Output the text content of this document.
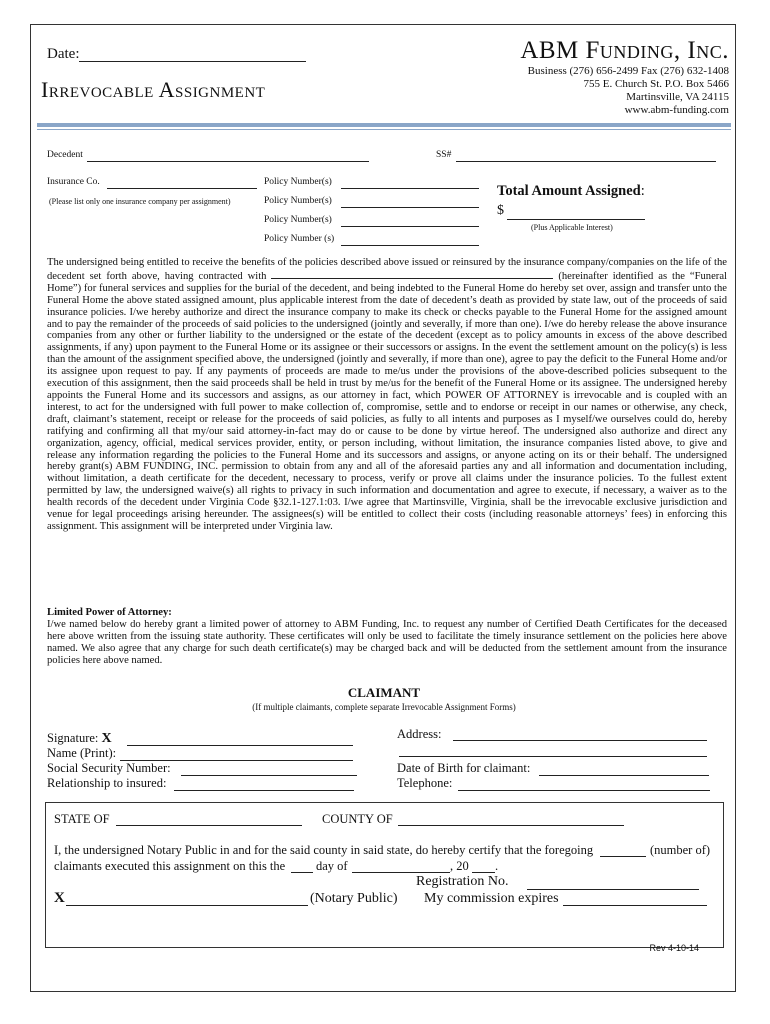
Date:
Irrevocable Assignment
ABM Funding, Inc.
Business (276) 656-2499 Fax (276) 632-1408
755 E. Church St. P.O. Box 5466
Martinsville, VA 24115
www.abm-funding.com
Decedent	SS#
Insurance Co.
(Please list only one insurance company per assignment)
Policy Number(s)
Policy Number(s)
Policy Number(s)
Policy Number (s)
Total Amount Assigned:
$
(Plus Applicable Interest)

The undersigned being entitled to receive the benefits of the policies described above issued or reinsured by the insurance company/companies on the life of the decedent set forth above, having contracted with	(hereinafter identified as the “Funeral Home”) for funeral services and supplies for the burial of the decedent, and being indebted to the Funeral Home do hereby set over, assign and transfer unto the Funeral Home the above stated assigned amount, plus applicable interest from the date of decedent’s death as provided by state law, out of the proceeds of said insurance policies. I/we hereby authorize and direct the insurance company to make its check or checks payable to the Funeral Home for the assigned amount and to pay the remainder of the proceeds of said policies to the undersigned (jointly and severally, if more than one). I/we do hereby release the above insurance companies from any other or further liability to the undersigned or the estate of the decedent (except as to policy amounts in excess of the above described assignments, if any) upon payment to the Funeral Home or its assignee or their successors or assigns. In the event the settlement amount on the policy(s) is less than the amount of the assignment specified above, the undersigned (jointly and severally, if more than one), agree to pay the deficit to the Funeral Home and/or its assignee upon request to pay. If any payments of proceeds are made to me/us under the provisions of the above-described policies subsequent to the execution of this assignment, then the said proceeds shall be held in trust by me/us for the benefit of the Funeral Home or its assignee. The undersigned hereby appoints the Funeral Home and its successors and assigns, as our attorney in fact, which POWER OF ATTORNEY is irrevocable and is coupled with an interest, to act for the undersigned with full power to make collection of, compromise, settle and to endorse or receipt in our names or otherwise, any check, draft, claimant’s statement, receipt or release for the proceeds of said policies, as fully to all intents and purposes as I myself/we ourselves could do, hereby ratifying and confirming all that my/our said attorney-in-fact may do or cause to be done by virtue hereof. The undersigned also authorize and direct any organization, agency, official, medical services provider, entity, or person including, without limitation, the insurance companies listed above, to give and release any information regarding the policies to the Funeral Home and its successors and assigns, or anyone acting on its or their behalf. The undersigned hereby grant(s) ABM FUNDING, INC. permission to obtain from any and all of the aforesaid parties any and all information and documentation including, without limitation, a death certificate for the decedent, necessary to process, verify or prove all claims under the insurance policies. To the fullest extent permitted by law, the undersigned waive(s) all rights to privacy in such information and documentation and agree to execute, if necessary, a waiver as to the health records of the decedent under Virginia Code §32.1-127.1:03. I/we agree that Martinsville, Virginia, shall be the irrevocable exclusive jurisdiction and venue for legal proceedings arising hereunder. The assignees(s) will be entitled to collect their costs (including reasonable attorneys’ fees) in enforcing this assignment. This assignment will be interpreted under Virginia law.

Limited Power of Attorney:
I/we named below do hereby grant a limited power of attorney to ABM Funding, Inc. to request any number of Certified Death Certificates for the deceased here above written from the issuing state authority. These certificates will only be used to facilitate the timely insurance settlement on the policies here above named. We also agree that any charge for such death certificate(s) may be charged back and will be deducted from the settlement amount from the insurance policies here above named.
CLAIMANT
(If multiple claimants, complete separate Irrevocable Assignment Forms)
Signature: X
Name (Print):
Social Security Number:
Relationship to insured:
Address:
Date of Birth for claimant:
Telephone:
STATE OF	COUNTY OF
I, the undersigned Notary Public in and for the said county in said state, do hereby certify that the foregoing	(number of)
claimants executed this assignment on this the day of	, 20 .
Registration No.
X	(Notary Public) My commission expires
Rev 4-10-14
